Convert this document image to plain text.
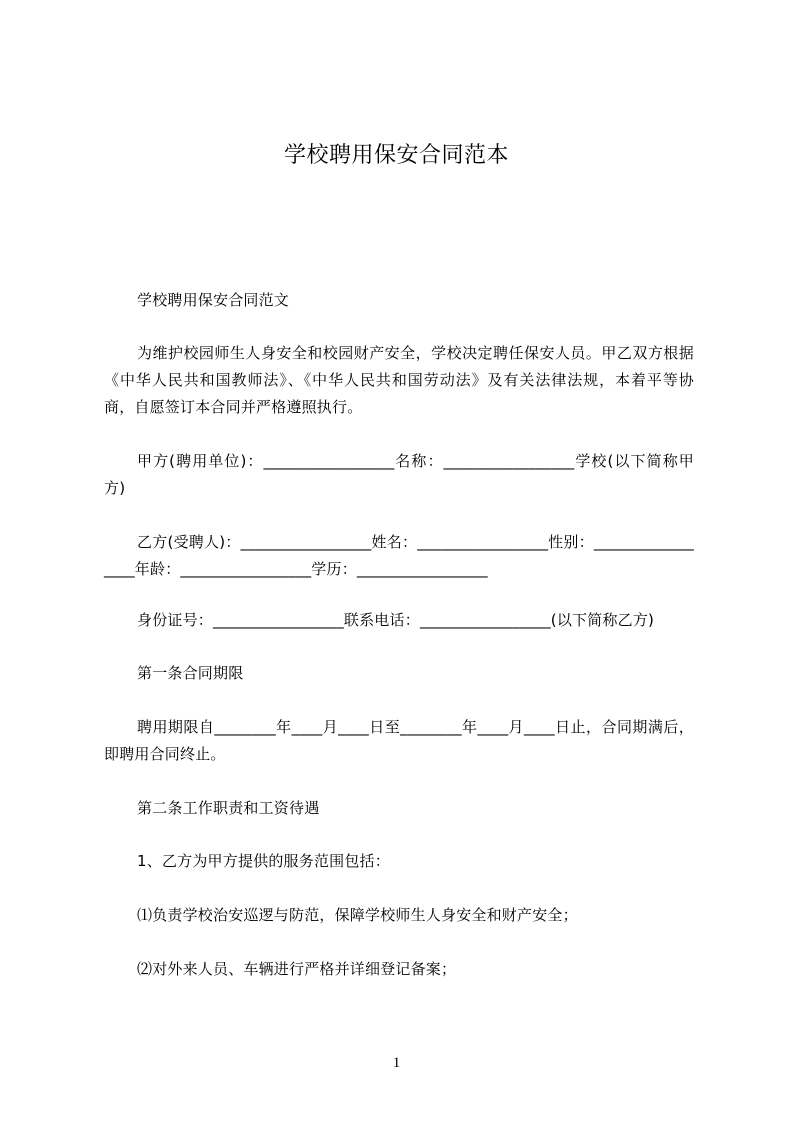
学校聘用保安合同范本
学校聘用保安合同范文
为维护校园师生人身安全和校园财产安全，学校决定聘任保安人员。甲乙双方根据《中华人民共和国教师法》、《中华人民共和国劳动法》及有关法律法规，本着平等协商，自愿签订本合同并严格遵照执行。
甲方(聘用单位)：_________________名称：_________________学校(以下简称甲方)
乙方(受聘人)：_________________姓名：_________________性别：_________________年龄：_________________学历：_________________
身份证号：_________________联系电话：_________________(以下简称乙方)
第一条合同期限
聘用期限自________年____月____日至________年____月____日止，合同期满后，即聘用合同终止。
第二条工作职责和工资待遇
1、乙方为甲方提供的服务范围包括：
⑴负责学校治安巡逻与防范，保障学校师生人身安全和财产安全；
⑵对外来人员、车辆进行严格并详细登记备案；
1
